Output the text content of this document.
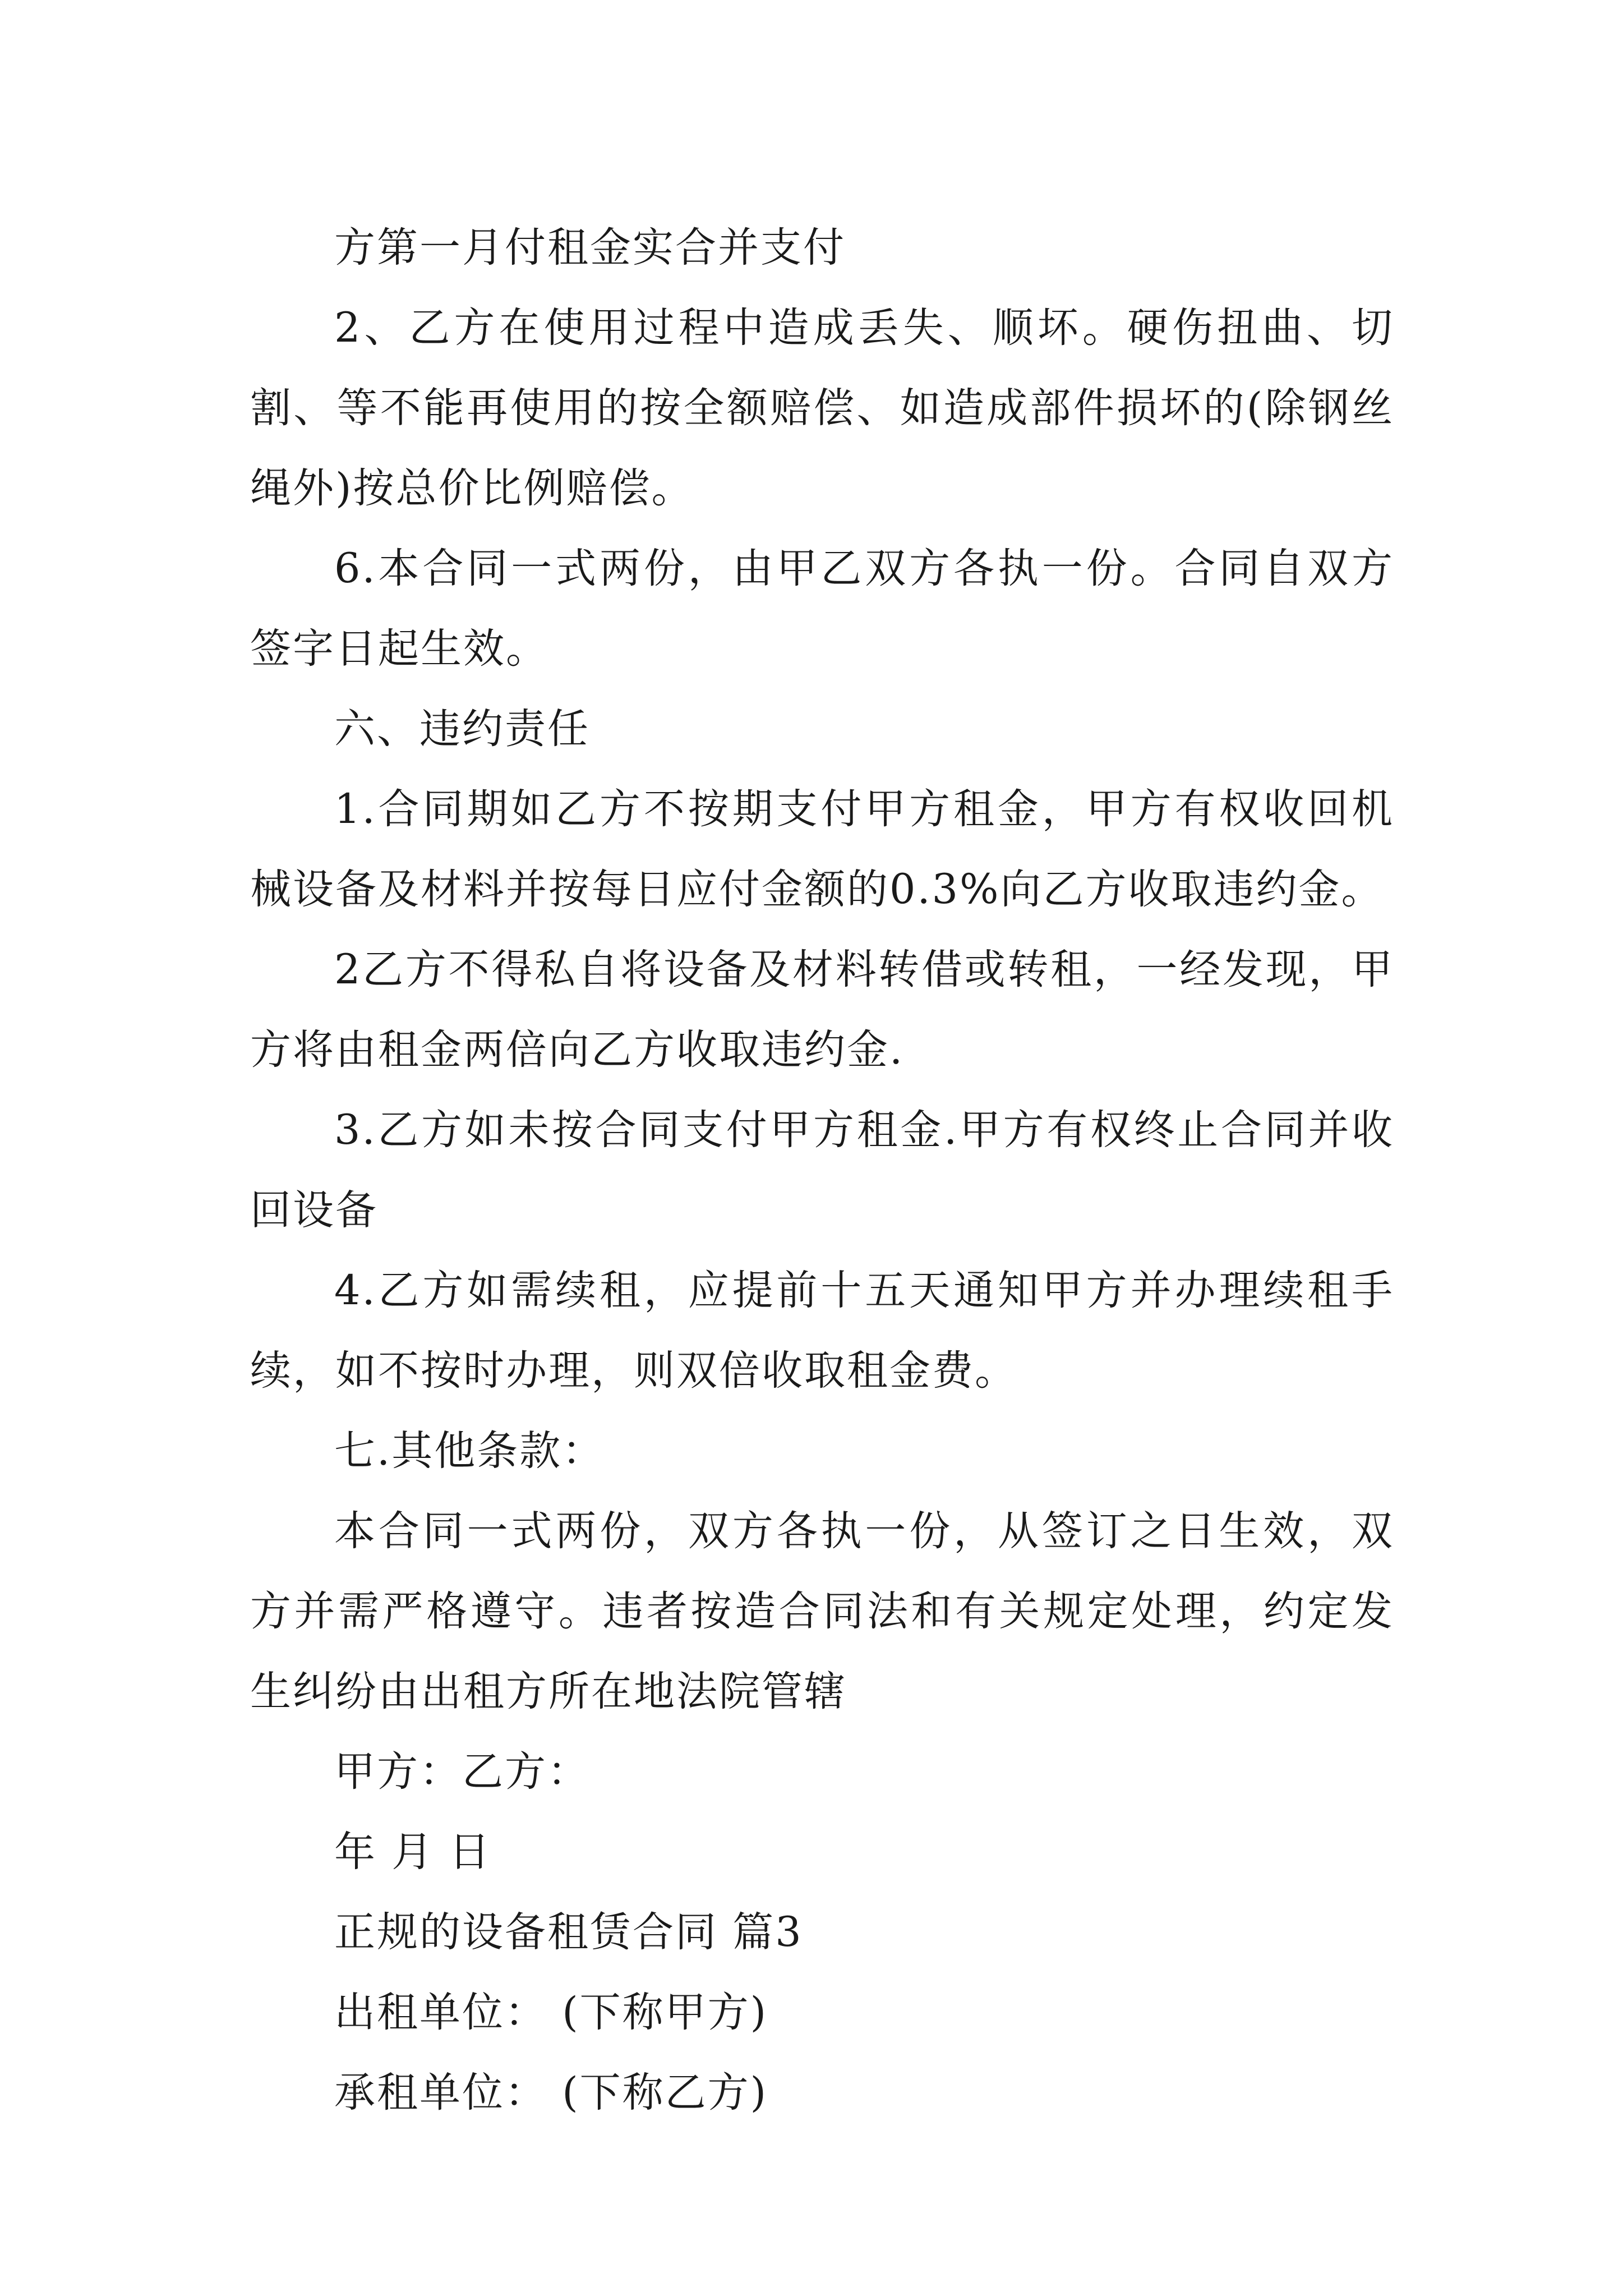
方第一月付租金实合并支付

2、乙方在使用过程中造成丢失、顺坏。硬伤扭曲、切割、等不能再使用的按全额赔偿、如造成部件损坏的(除钢丝绳外)按总价比例赔偿。

6.本合同一式两份，由甲乙双方各执一份。合同自双方签字日起生效。

六、违约责任

1.合同期如乙方不按期支付甲方租金，甲方有权收回机械设备及材料并按每日应付金额的0.3%向乙方收取违约金。

2乙方不得私自将设备及材料转借或转租，一经发现，甲方将由租金两倍向乙方收取违约金.

3.乙方如未按合同支付甲方租金.甲方有权终止合同并收回设备

4.乙方如需续租，应提前十五天通知甲方并办理续租手续，如不按时办理，则双倍收取租金费。

七.其他条款：

本合同一式两份，双方各执一份，从签订之日生效，双方并需严格遵守。违者按造合同法和有关规定处理，约定发生纠纷由出租方所在地法院管辖

甲方：乙方：

年 月 日

正规的设备租赁合同 篇3

出租单位： (下称甲方)

承租单位： (下称乙方)
